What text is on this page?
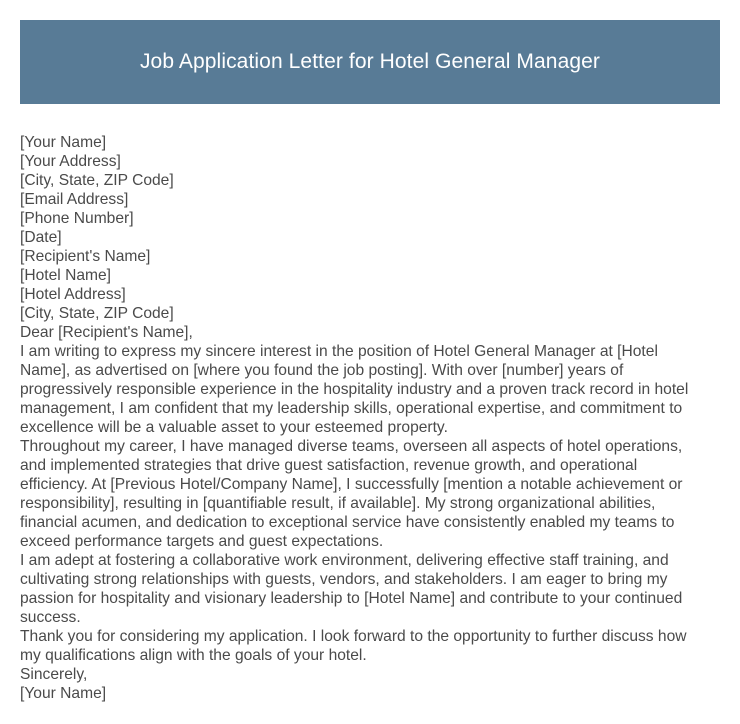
Job Application Letter for Hotel General Manager
[Your Name]
[Your Address]
[City, State, ZIP Code]
[Email Address]
[Phone Number]
[Date]
[Recipient's Name]
[Hotel Name]
[Hotel Address]
[City, State, ZIP Code]
Dear [Recipient's Name],

I am writing to express my sincere interest in the position of Hotel General Manager at [Hotel
Name], as advertised on [where you found the job posting]. With over [number] years of
progressively responsible experience in the hospitality industry and a proven track record in hotel
management, I am confident that my leadership skills, operational expertise, and commitment to
excellence will be a valuable asset to your esteemed property.

Throughout my career, I have managed diverse teams, overseen all aspects of hotel operations,
and implemented strategies that drive guest satisfaction, revenue growth, and operational
efficiency. At [Previous Hotel/Company Name], I successfully [mention a notable achievement or
responsibility], resulting in [quantifiable result, if available]. My strong organizational abilities,
financial acumen, and dedication to exceptional service have consistently enabled my teams to
exceed performance targets and guest expectations.

I am adept at fostering a collaborative work environment, delivering effective staff training, and
cultivating strong relationships with guests, vendors, and stakeholders. I am eager to bring my
passion for hospitality and visionary leadership to [Hotel Name] and contribute to your continued
success.

Thank you for considering my application. I look forward to the opportunity to further discuss how
my qualifications align with the goals of your hotel.

Sincerely,
[Your Name]
